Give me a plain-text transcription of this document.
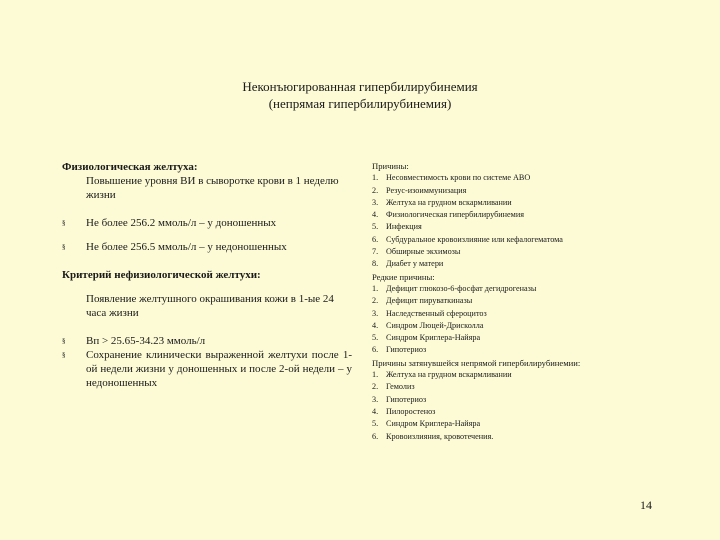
Неконъюгированная гипербилирубинемия
(непрямая гипербилирубинемия)
Физиологическая желтуха:
Повышение уровня ВИ в сыворотке крови в 1 неделю жизни
§ Не более 256.2 ммоль/л – у доношенных
§ Не более 256.5 ммоль/л – у недоношенных
Критерий нефизиологической желтухи:
Появление желтушного окрашивания кожи в 1-ые 24 часа жизни
§ Вп > 25.65-34.23 ммоль/л
§ Сохранение клинически выраженной желтухи после 1-ой недели жизни у доношенных и после 2-ой недели – у недоношенных
Причины:
1. Несовместимость крови по системе АВО
2. Резус-изоиммунизация
3. Желтуха на грудном вскармливании
4. Физиологическая гипербилирубинемия
5. Инфекция
6. Субдуральное кровоизлияние или кефалогематома
7. Обширные экхимозы
8. Диабет у матери
Редкие причины:
1. Дефицит глюкозо-6-фосфат дегидрогеназы
2. Дефицит пируваткиназы
3. Наследственный сфероцитоз
4. Синдром Люцей-Дрисколла
5. Синдром Криглера-Найяра
6. Гипотериоз
Причины затянувшейся непрямой гипербилирубинемии:
1. Желтуха на грудном вскармливании
2. Гемолиз
3. Гипотериоз
4. Пилоростеноз
5. Синдром Криглера-Найяра
6. Кровоизлияния, кровотечения.
14
